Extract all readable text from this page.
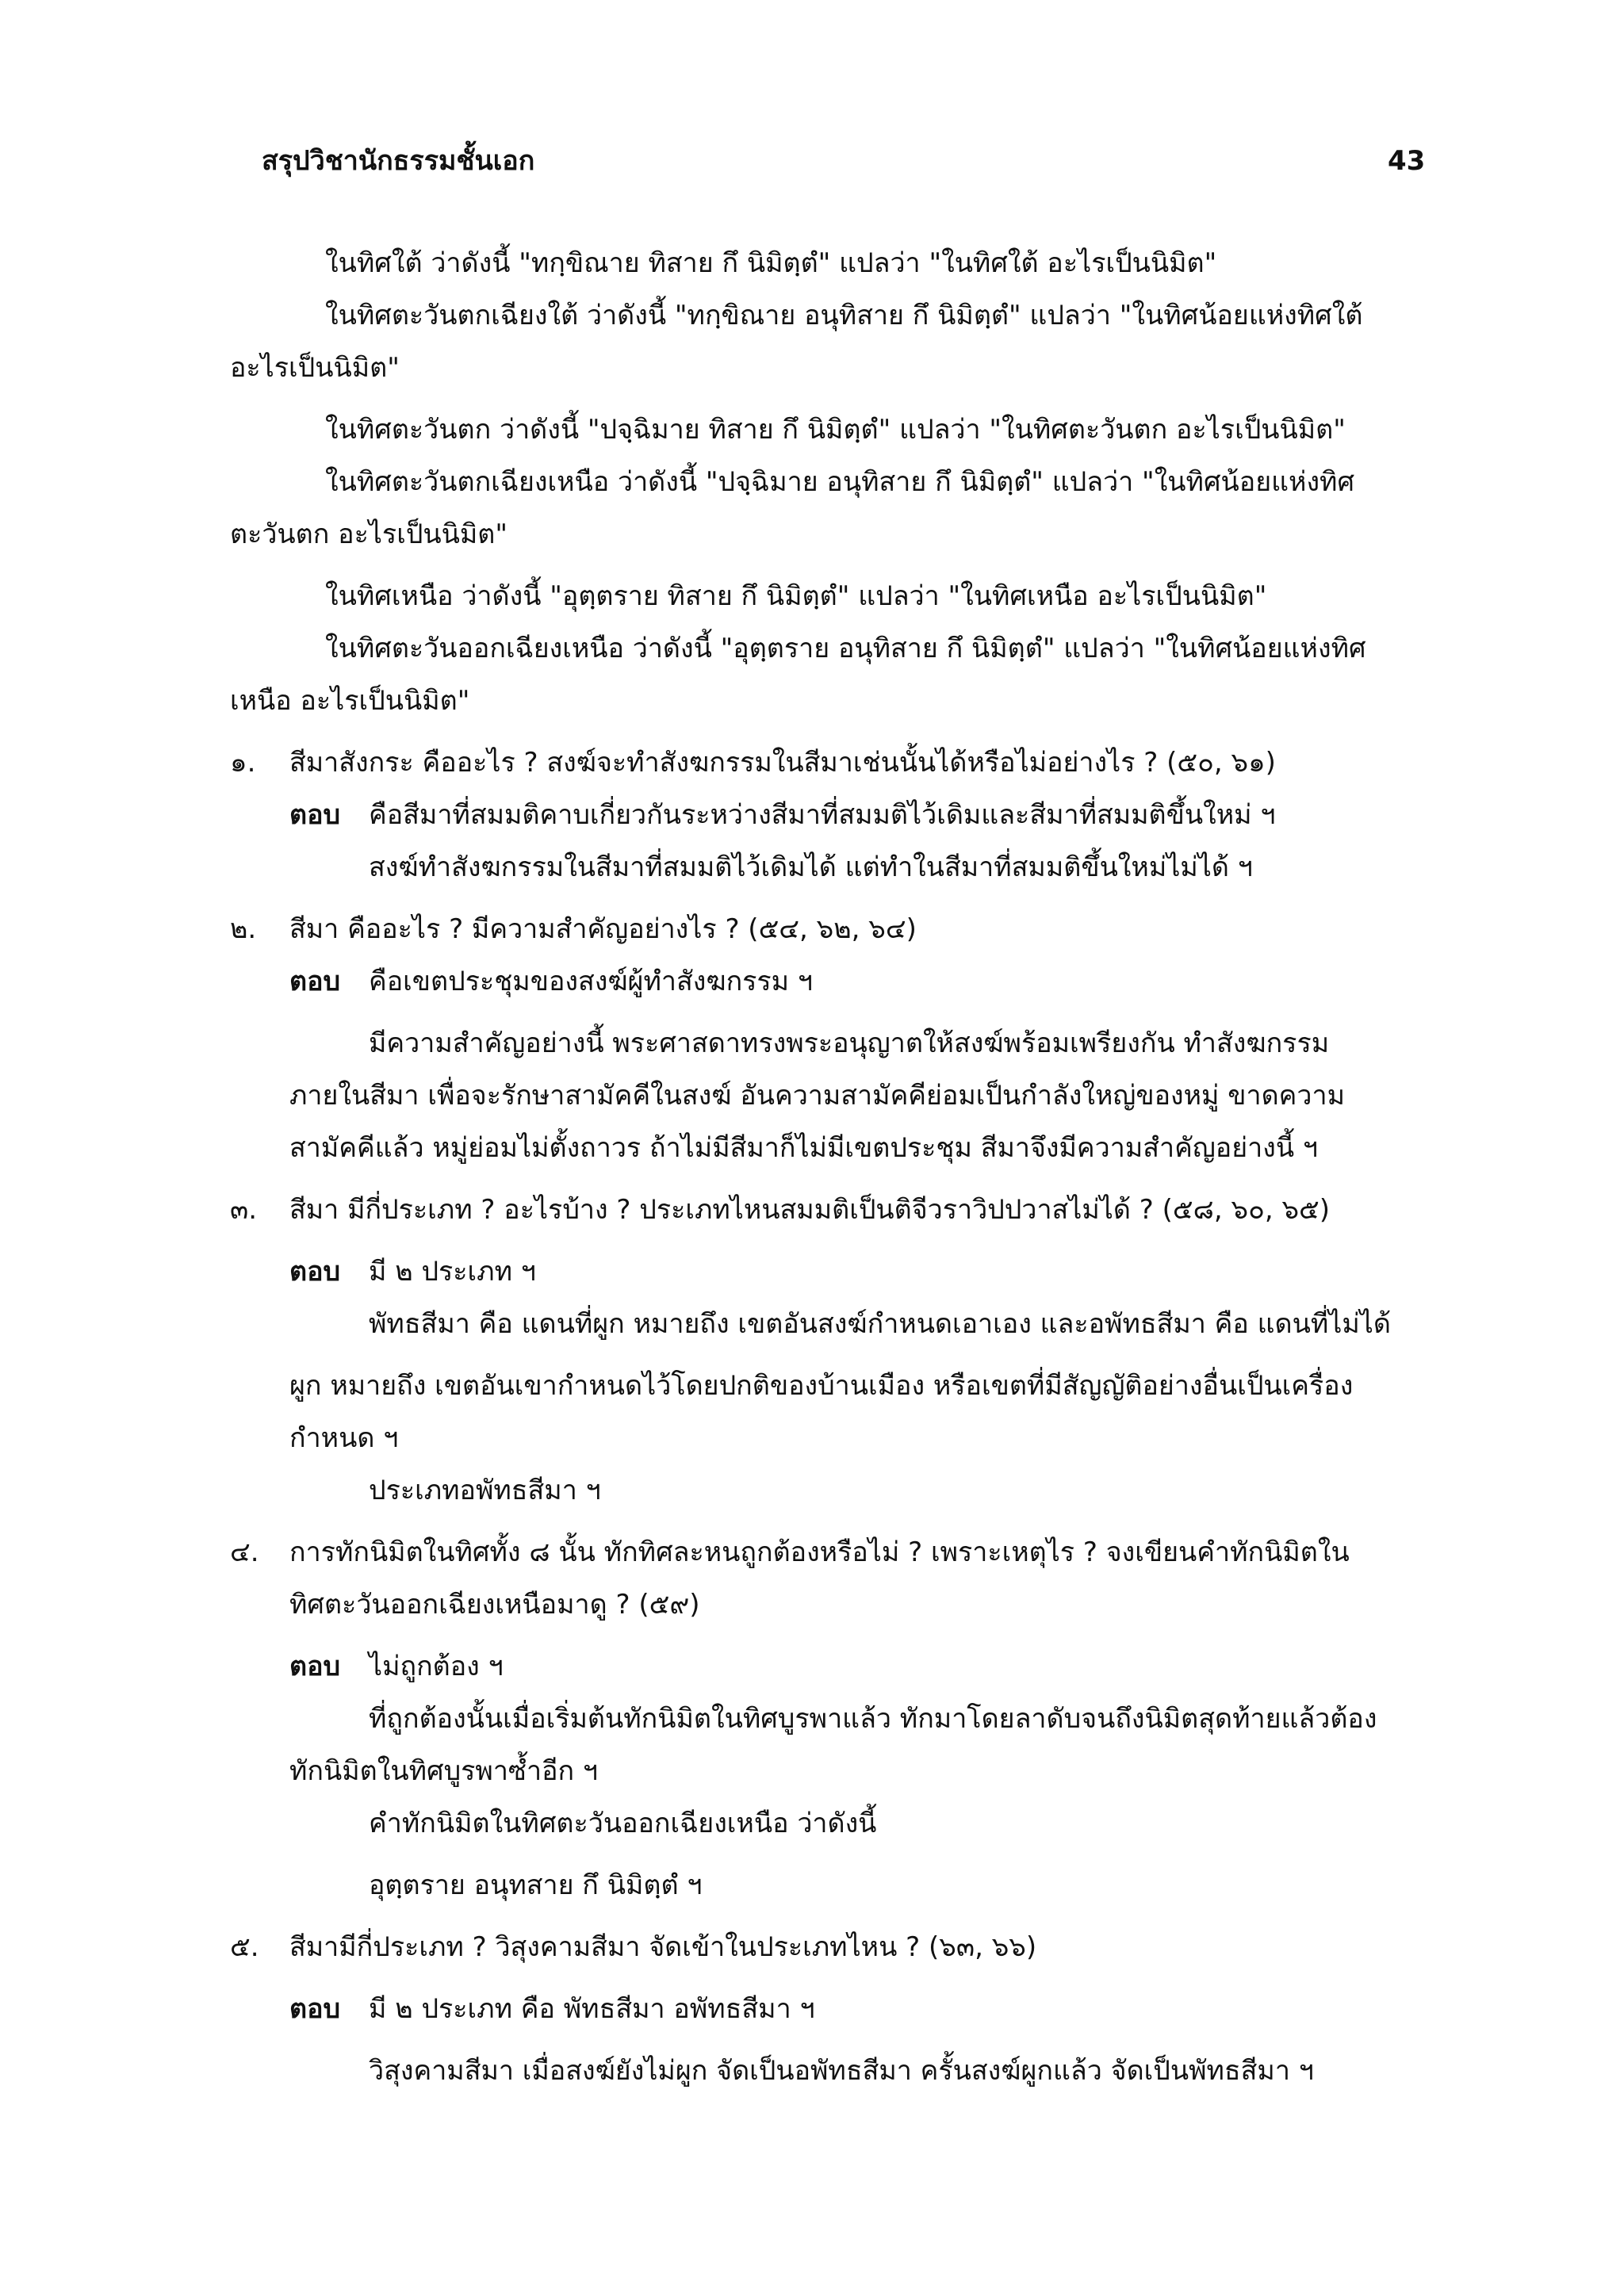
สรุปวิชานักธรรมชั้นเอก	43
ในทิศใต้ ว่าดังนี้ "ทกฺขิณาย ทิสาย กึ นิมิตฺตํ" แปลว่า "ในทิศใต้ อะไรเป็นนิมิต"
ในทิศตะวันตกเฉียงใต้ ว่าดังนี้ "ทกฺขิณาย อนุทิสาย กึ นิมิตฺตํ" แปลว่า "ในทิศน้อยแห่งทิศใต้
อะไรเป็นนิมิต"
ในทิศตะวันตก ว่าดังนี้ "ปจฺฉิมาย ทิสาย กึ นิมิตฺตํ" แปลว่า "ในทิศตะวันตก อะไรเป็นนิมิต"
ในทิศตะวันตกเฉียงเหนือ ว่าดังนี้ "ปจฺฉิมาย อนุทิสาย กึ นิมิตฺตํ" แปลว่า "ในทิศน้อยแห่งทิศ
ตะวันตก อะไรเป็นนิมิต"
ในทิศเหนือ ว่าดังนี้ "อุตฺตราย ทิสาย กึ นิมิตฺตํ" แปลว่า "ในทิศเหนือ อะไรเป็นนิมิต"
ในทิศตะวันออกเฉียงเหนือ ว่าดังนี้ "อุตฺตราย อนุทิสาย กึ นิมิตฺตํ" แปลว่า "ในทิศน้อยแห่งทิศ
เหนือ อะไรเป็นนิมิต"
๑. สีมาสังกระ คืออะไร ? สงฆ์จะทำสังฆกรรมในสีมาเช่นนั้นได้หรือไม่อย่างไร ? (๕๐, ๖๑)
ตอบ คือสีมาที่สมมติคาบเกี่ยวกันระหว่างสีมาที่สมมติไว้เดิมและสีมาที่สมมติขึ้นใหม่ ฯ
สงฆ์ทำสังฆกรรมในสีมาที่สมมติไว้เดิมได้ แต่ทำในสีมาที่สมมติขึ้นใหม่ไม่ได้ ฯ
๒. สีมา คืออะไร ? มีความสำคัญอย่างไร ? (๕๔, ๖๒, ๖๔)
ตอบ คือเขตประชุมของสงฆ์ผู้ทำสังฆกรรม ฯ
มีความสำคัญอย่างนี้ พระศาสดาทรงพระอนุญาตให้สงฆ์พร้อมเพรียงกัน ทำสังฆกรรม
ภายในสีมา เพื่อจะรักษาสามัคคีในสงฆ์ อันความสามัคคีย่อมเป็นกำลังใหญ่ของหมู่ ขาดความ
สามัคคีแล้ว หมู่ย่อมไม่ตั้งถาวร ถ้าไม่มีสีมาก็ไม่มีเขตประชุม สีมาจึงมีความสำคัญอย่างนี้ ฯ
๓. สีมา มีกี่ประเภท ? อะไรบ้าง ? ประเภทไหนสมมติเป็นติจีวราวิปปวาสไม่ได้ ? (๕๘, ๖๐, ๖๕)
ตอบ มี ๒ ประเภท ฯ
พัทธสีมา คือ แดนที่ผูก หมายถึง เขตอันสงฆ์กำหนดเอาเอง และอพัทธสีมา คือ แดนที่ไม่ได้
ผูก หมายถึง เขตอันเขากำหนดไว้โดยปกติของบ้านเมือง หรือเขตที่มีสัญญัติอย่างอื่นเป็นเครื่อง
กำหนด ฯ
ประเภทอพัทธสีมา ฯ
๔. การทักนิมิตในทิศทั้ง ๘ นั้น ทักทิศละหนถูกต้องหรือไม่ ? เพราะเหตุไร ? จงเขียนคำทักนิมิตใน
ทิศตะวันออกเฉียงเหนือมาดู ? (๕๙)
ตอบ ไม่ถูกต้อง ฯ
ที่ถูกต้องนั้นเมื่อเริ่มต้นทักนิมิตในทิศบูรพาแล้ว ทักมาโดยลาดับจนถึงนิมิตสุดท้ายแล้วต้อง
ทักนิมิตในทิศบูรพาซ้ำอีก ฯ
คำทักนิมิตในทิศตะวันออกเฉียงเหนือ ว่าดังนี้
อุตฺตราย อนุทสาย กึ นิมิตฺตํ ฯ
๕. สีมามีกี่ประเภท ? วิสุงคามสีมา จัดเข้าในประเภทไหน ? (๖๓, ๖๖)
ตอบ มี ๒ ประเภท คือ พัทธสีมา อพัทธสีมา ฯ
วิสุงคามสีมา เมื่อสงฆ์ยังไม่ผูก จัดเป็นอพัทธสีมา ครั้นสงฆ์ผูกแล้ว จัดเป็นพัทธสีมา ฯ
